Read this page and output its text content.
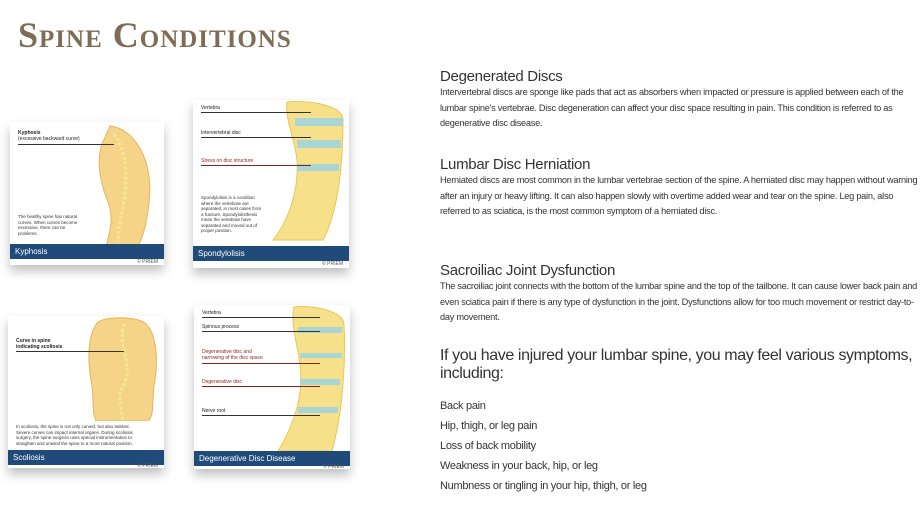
Spine Conditions
Kyphosis
(excessive backward curve)
The healthy spine has natural curves. When curves become excessive, there can be problems.
Kyphosis
© PRIEM
Vertebra
Intervertebral disc
Stress on disc structure
Spondylolisis is a condition where the vertebrae are separated, in most cases from a fracture. Spondylolisthesis mean the vertebrae have separated and moved out of proper position.
Spondylolisis
© PRIEM
Curve in spine indicating scoliosis
In scoliosis, the spine is not only curved, but also twisted. Severe curves can impact internal organs. During scoliosis surgery, the spine surgeon uses special instrumentation to straighten and unwind the spine to a more natural position.
Scoliosis
© PRIEM
Vertebra
Spinous process
Degenerative disc and narrowing of the disc space
Degenerative disc
Nerve root
Degenerative Disc Disease
© PRIEM
Degenerated Discs
Intervertebral discs are sponge like pads that act as absorbers when impacted or pressure is applied between each of the lumbar spine's vertebrae. Disc degeneration can affect your disc space resulting in pain. This condition is referred to as degenerative disc disease.
Lumbar Disc Herniation
Herniated discs are most common in the lumbar vertebrae section of the spine. A herniated disc may happen without warning after an injury or heavy lifting. It can also happen slowly with overtime added wear and tear on the spine. Leg pain, also referred to as sciatica, is the most common symptom of a herniated disc.
Sacroiliac Joint Dysfunction
The sacroiliac joint connects with the bottom of the lumbar spine and the top of the tailbone. It can cause lower back pain and even sciatica pain if there is any type of dysfunction in the joint. Dysfunctions allow for too much movement or restrict day-to-day movement.
If you have injured your lumbar spine, you may feel various symptoms, including:
Back pain
Hip, thigh, or leg pain
Loss of back mobility
Weakness in your back, hip, or leg
Numbness or tingling in your hip, thigh, or leg
